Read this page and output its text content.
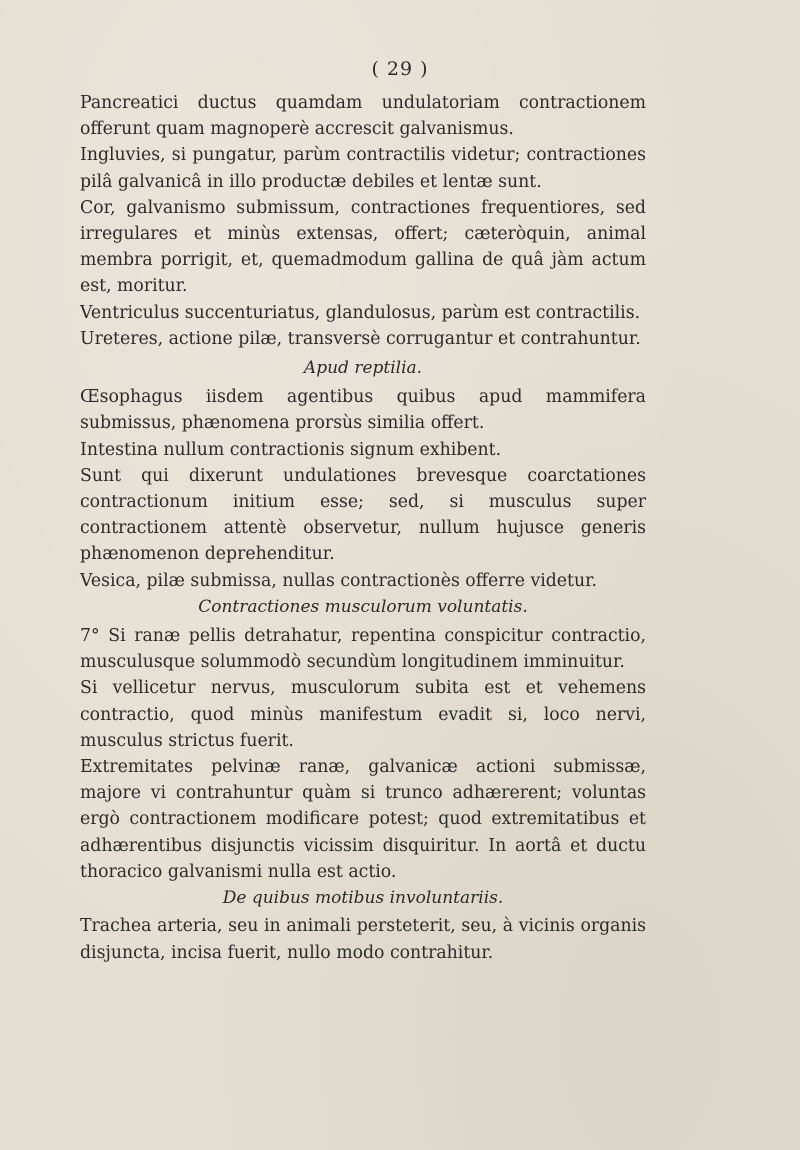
( 29 )

Pancreatici ductus quamdam undulatoriam contractionem offerunt quam magnoperè accrescit galvanismus.

Ingluvies, si pungatur, parùm contractilis videtur; contractiones pilâ galvanicâ in illo productæ debiles et lentæ sunt.

Cor, galvanismo submissum, contractiones frequentiores, sed irregulares et minùs extensas, offert; cæteròquin, animal membra porrigit, et, quemadmodum gallina de quâ jàm actum est, moritur.

Ventriculus succenturiatus, glandulosus, parùm est contractilis.

Ureteres, actione pilæ, transversè corrugantur et contrahuntur.

Apud reptilia.

Œsophagus iisdem agentibus quibus apud mammifera submissus, phænomena prorsùs similia offert.

Intestina nullum contractionis signum exhibent.

Sunt qui dixerunt undulationes brevesque coarctationes contractionum initium esse; sed, si musculus super contractionem attentè observetur, nullum hujusce generis phænomenon deprehenditur.

Vesica, pilæ submissa, nullas contractionès offerre videtur.

Contractiones musculorum voluntatis.

7° Si ranæ pellis detrahatur, repentina conspicitur contractio, musculusque solummodò secundùm longitudinem imminuitur.

Si vellicetur nervus, musculorum subita est et vehemens contractio, quod minùs manifestum evadit si, loco nervi, musculus strictus fuerit.

Extremitates pelvinæ ranæ, galvanicæ actioni submissæ, majore vi contrahuntur quàm si trunco adhærerent; voluntas ergò contractionem modificare potest; quod extremitatibus et adhærentibus disjunctis vicissim disquiritur. In aortâ et ductu thoracico galvanismi nulla est actio.

De quibus motibus involuntariis.

Trachea arteria, seu in animali persteterit, seu, à vicinis organis disjuncta, incisa fuerit, nullo modo contrahitur.
